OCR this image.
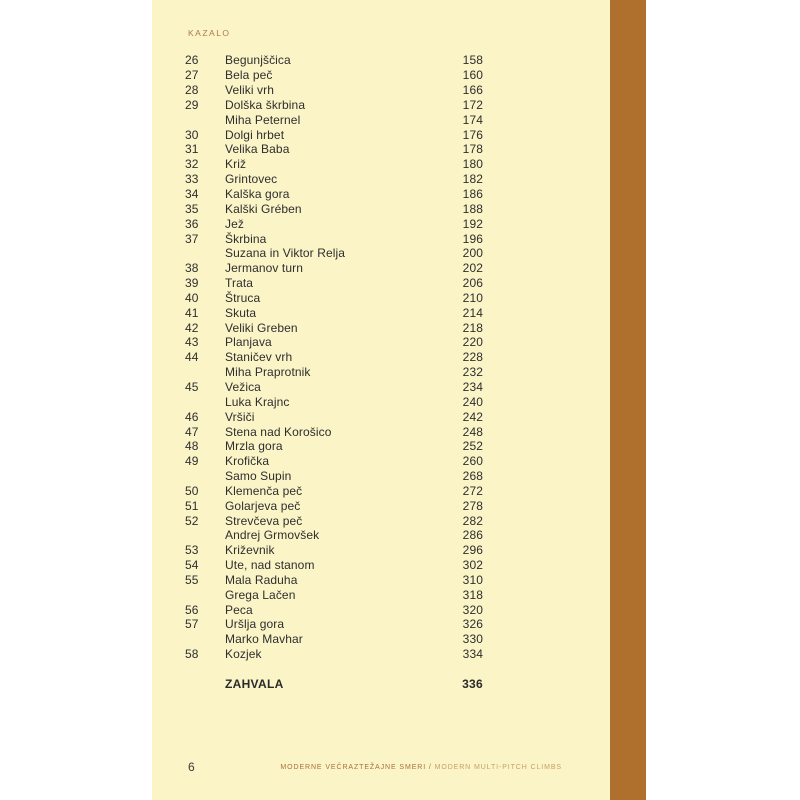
KAZALO
26	Begunjščica	158
27	Bela peč	160
28	Veliki vrh	166
29	Dolška škrbina	172
Miha Peternel	174
30	Dolgi hrbet	176
31	Velika Baba	178
32	Križ	180
33	Grintovec	182
34	Kalška gora	186
35	Kalški Grében	188
36	Jež	192
37	Škrbina	196
Suzana in Viktor Relja	200
38	Jermanov turn	202
39	Trata	206
40	Štruca	210
41	Skuta	214
42	Veliki Greben	218
43	Planjava	220
44	Staničev vrh	228
Miha Praprotnik	232
45	Vežica	234
Luka Krajnc	240
46	Vršiči	242
47	Stena nad Korošico	248
48	Mrzla gora	252
49	Krofička	260
Samo Supin	268
50	Klemenča peč	272
51	Golarjeva peč	278
52	Strevčeva peč	282
Andrej Grmovšek	286
53	Križevnik	296
54	Ute, nad stanom	302
55	Mala Raduha	310
Grega Lačen	318
56	Peca	320
57	Uršlja gora	326
Marko Mavhar	330
58	Kozjek	334
ZAHVALA	336
6	MODERNE VEČRAZTEŽAJNE SMERI / MODERN MULTI-PITCH CLIMBS
